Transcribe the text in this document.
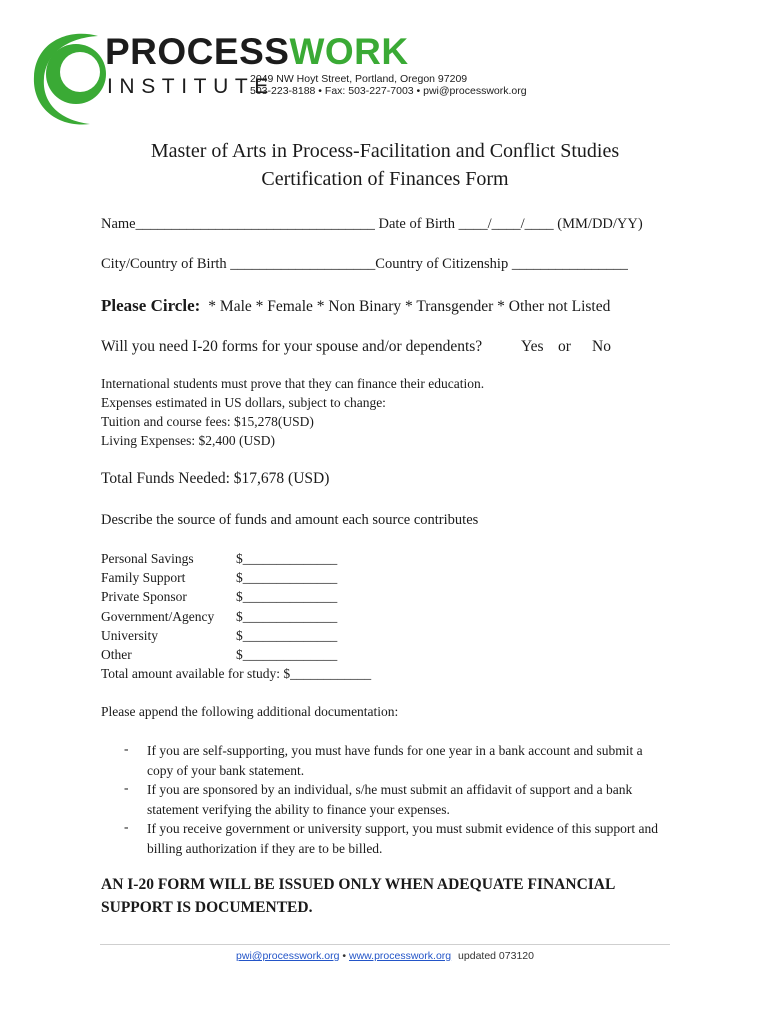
PROCESSWORK
INSTITUTE
2049 NW Hoyt Street, Portland, Oregon 97209
503-223-8188 • Fax: 503-227-7003 • pwi@processwork.org
Master of Arts in Process-Facilitation and Conflict Studies
Certification of Finances Form
Name_________________________________ Date of Birth ____/____/____ (MM/DD/YY)
City/Country of Birth ____________________Country of Citizenship ________________
Please Circle: * Male * Female * Non Binary * Transgender * Other not Listed
Will you need I-20 forms for your spouse and/or dependents?	Yes or No
International students must prove that they can finance their education.
Expenses estimated in US dollars, subject to change:
Tuition and course fees: $15,278(USD)
Living Expenses: $2,400 (USD)
Total Funds Needed: $17,678 (USD)
Describe the source of funds and amount each source contributes
Personal Savings	$______________
Family Support	$______________
Private Sponsor	$______________
Government/Agency $______________
University	$______________
Other	$______________
Total amount available for study: $____________
Please append the following additional documentation:
- If you are self-supporting, you must have funds for one year in a bank account and submit a copy of your bank statement.
- If you are sponsored by an individual, s/he must submit an affidavit of support and a bank statement verifying the ability to finance your expenses.
- If you receive government or university support, you must submit evidence of this support and billing authorization if they are to be billed.
AN I-20 FORM WILL BE ISSUED ONLY WHEN ADEQUATE FINANCIAL
SUPPORT IS DOCUMENTED.
pwi@processwork.org • www.processwork.org updated 073120
